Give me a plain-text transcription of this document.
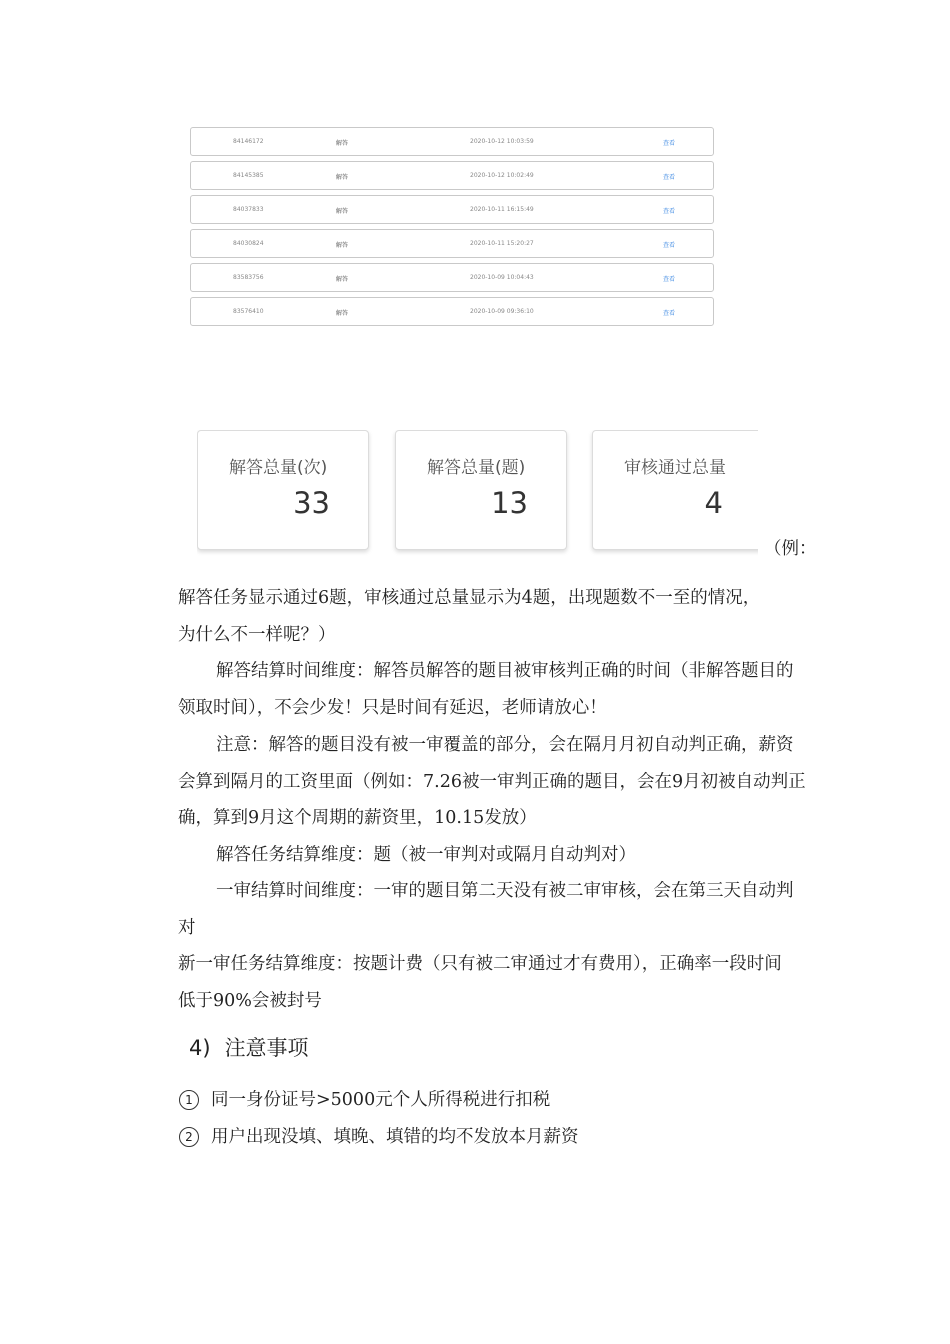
84146172	解答	2020-10-12 10:03:59	查看
84145385	解答	2020-10-12 10:02:49	查看
84037833	解答	2020-10-11 16:15:49	查看
84030824	解答	2020-10-11 15:20:27	查看
83583756	解答	2020-10-09 10:04:43	查看
83576410	解答	2020-10-09 09:36:10	查看
解答总量(次)
33
解答总量(题)
13
审核通过总量
4
（例：
解答任务显示通过6题，审核通过总量显示为4题，出现题数不一至的情况，
为什么不一样呢？）
解答结算时间维度：解答员解答的题目被审核判正确的时间（非解答题目的领取时间），不会少发！只是时间有延迟，老师请放心！
注意：解答的题目没有被一审覆盖的部分，会在隔月月初自动判正确，薪资会算到隔月的工资里面（例如：7.26被一审判正确的题目，会在9月初被自动判正确，算到9月这个周期的薪资里，10.15发放）
解答任务结算维度：题（被一审判对或隔月自动判对）
一审结算时间维度：一审的题目第二天没有被二审审核，会在第三天自动判对
新一审任务结算维度：按题计费（只有被二审通过才有费用），正确率一段时间低于90%会被封号
4) 注意事项
1	同一身份证号>5000元个人所得税进行扣税
2	用户出现没填、填晚、填错的均不发放本月薪资
